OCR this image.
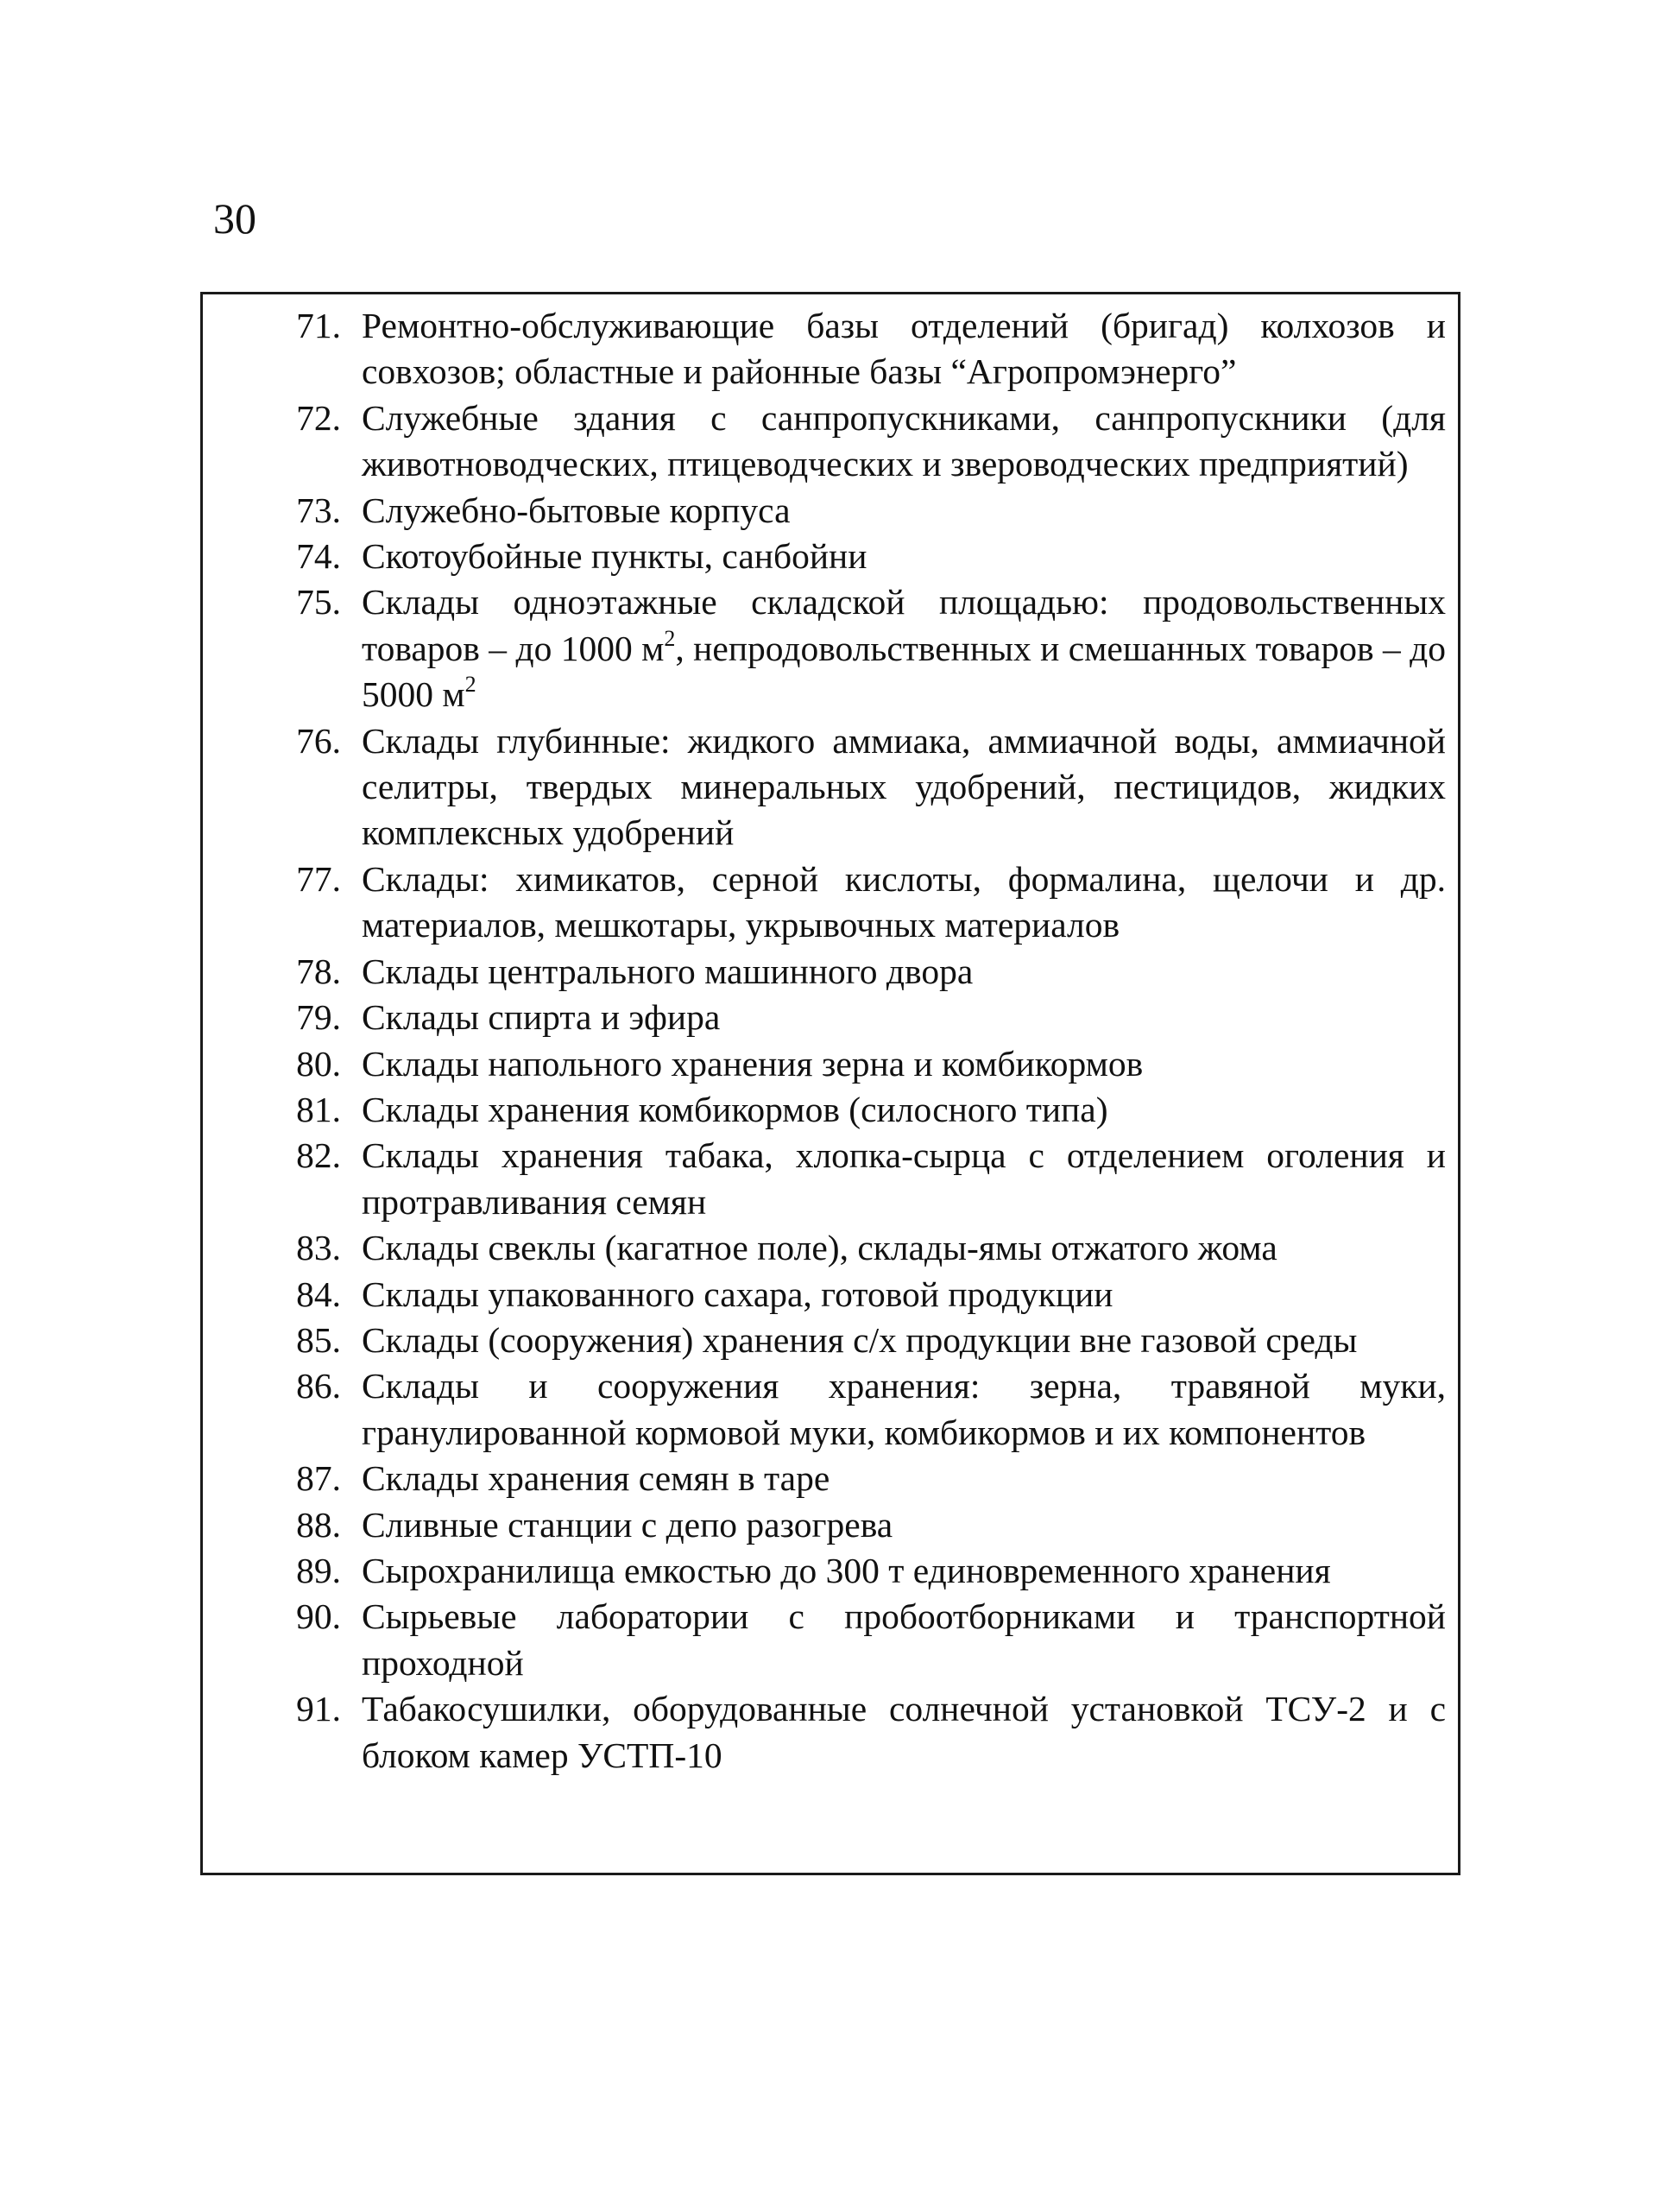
30
71. Ремонтно-обслуживающие базы отделений (бригад) колхозов и совхозов; областные и районные базы “Агропромэнерго”
72. Служебные здания с санпропускниками, санпропускники (для животноводческих, птицеводческих и звероводческих предприятий)
73. Служебно-бытовые корпуса
74. Скотоубойные пункты, санбойни
75. Склады одноэтажные складской площадью: продовольственных товаров – до 1000 $м^2$, непродовольственных и смешанных товаров – до 5000 $м^2$
76. Склады глубинные: жидкого аммиака, аммиачной воды, аммиачной селитры, твердых минеральных удобрений, пестицидов, жидких комплексных удобрений
77. Склады: химикатов, серной кислоты, формалина, щелочи и др. материалов, мешкотары, укрывочных материалов
78. Склады центрального машинного двора
79. Склады спирта и эфира
80. Склады напольного хранения зерна и комбикормов
81. Склады хранения комбикормов (силосного типа)
82. Склады хранения табака, хлопка-сырца с отделением оголения и протравливания семян
83. Склады свеклы (кагатное поле), склады-ямы отжатого жома
84. Склады упакованного сахара, готовой продукции
85. Склады (сооружения) хранения с/х продукции вне газовой среды
86. Склады и сооружения хранения: зерна, травяной муки, гранулированной кормовой муки, комбикормов и их компонентов
87. Склады хранения семян в таре
88. Сливные станции с депо разогрева
89. Сырохранилища емкостью до 300 т единовременного хранения
90. Сырьевые лаборатории с пробоотборниками и транспортной проходной
91. Табакосушилки, оборудованные солнечной установкой ТСУ-2 и с блоком камер УСТП-10
